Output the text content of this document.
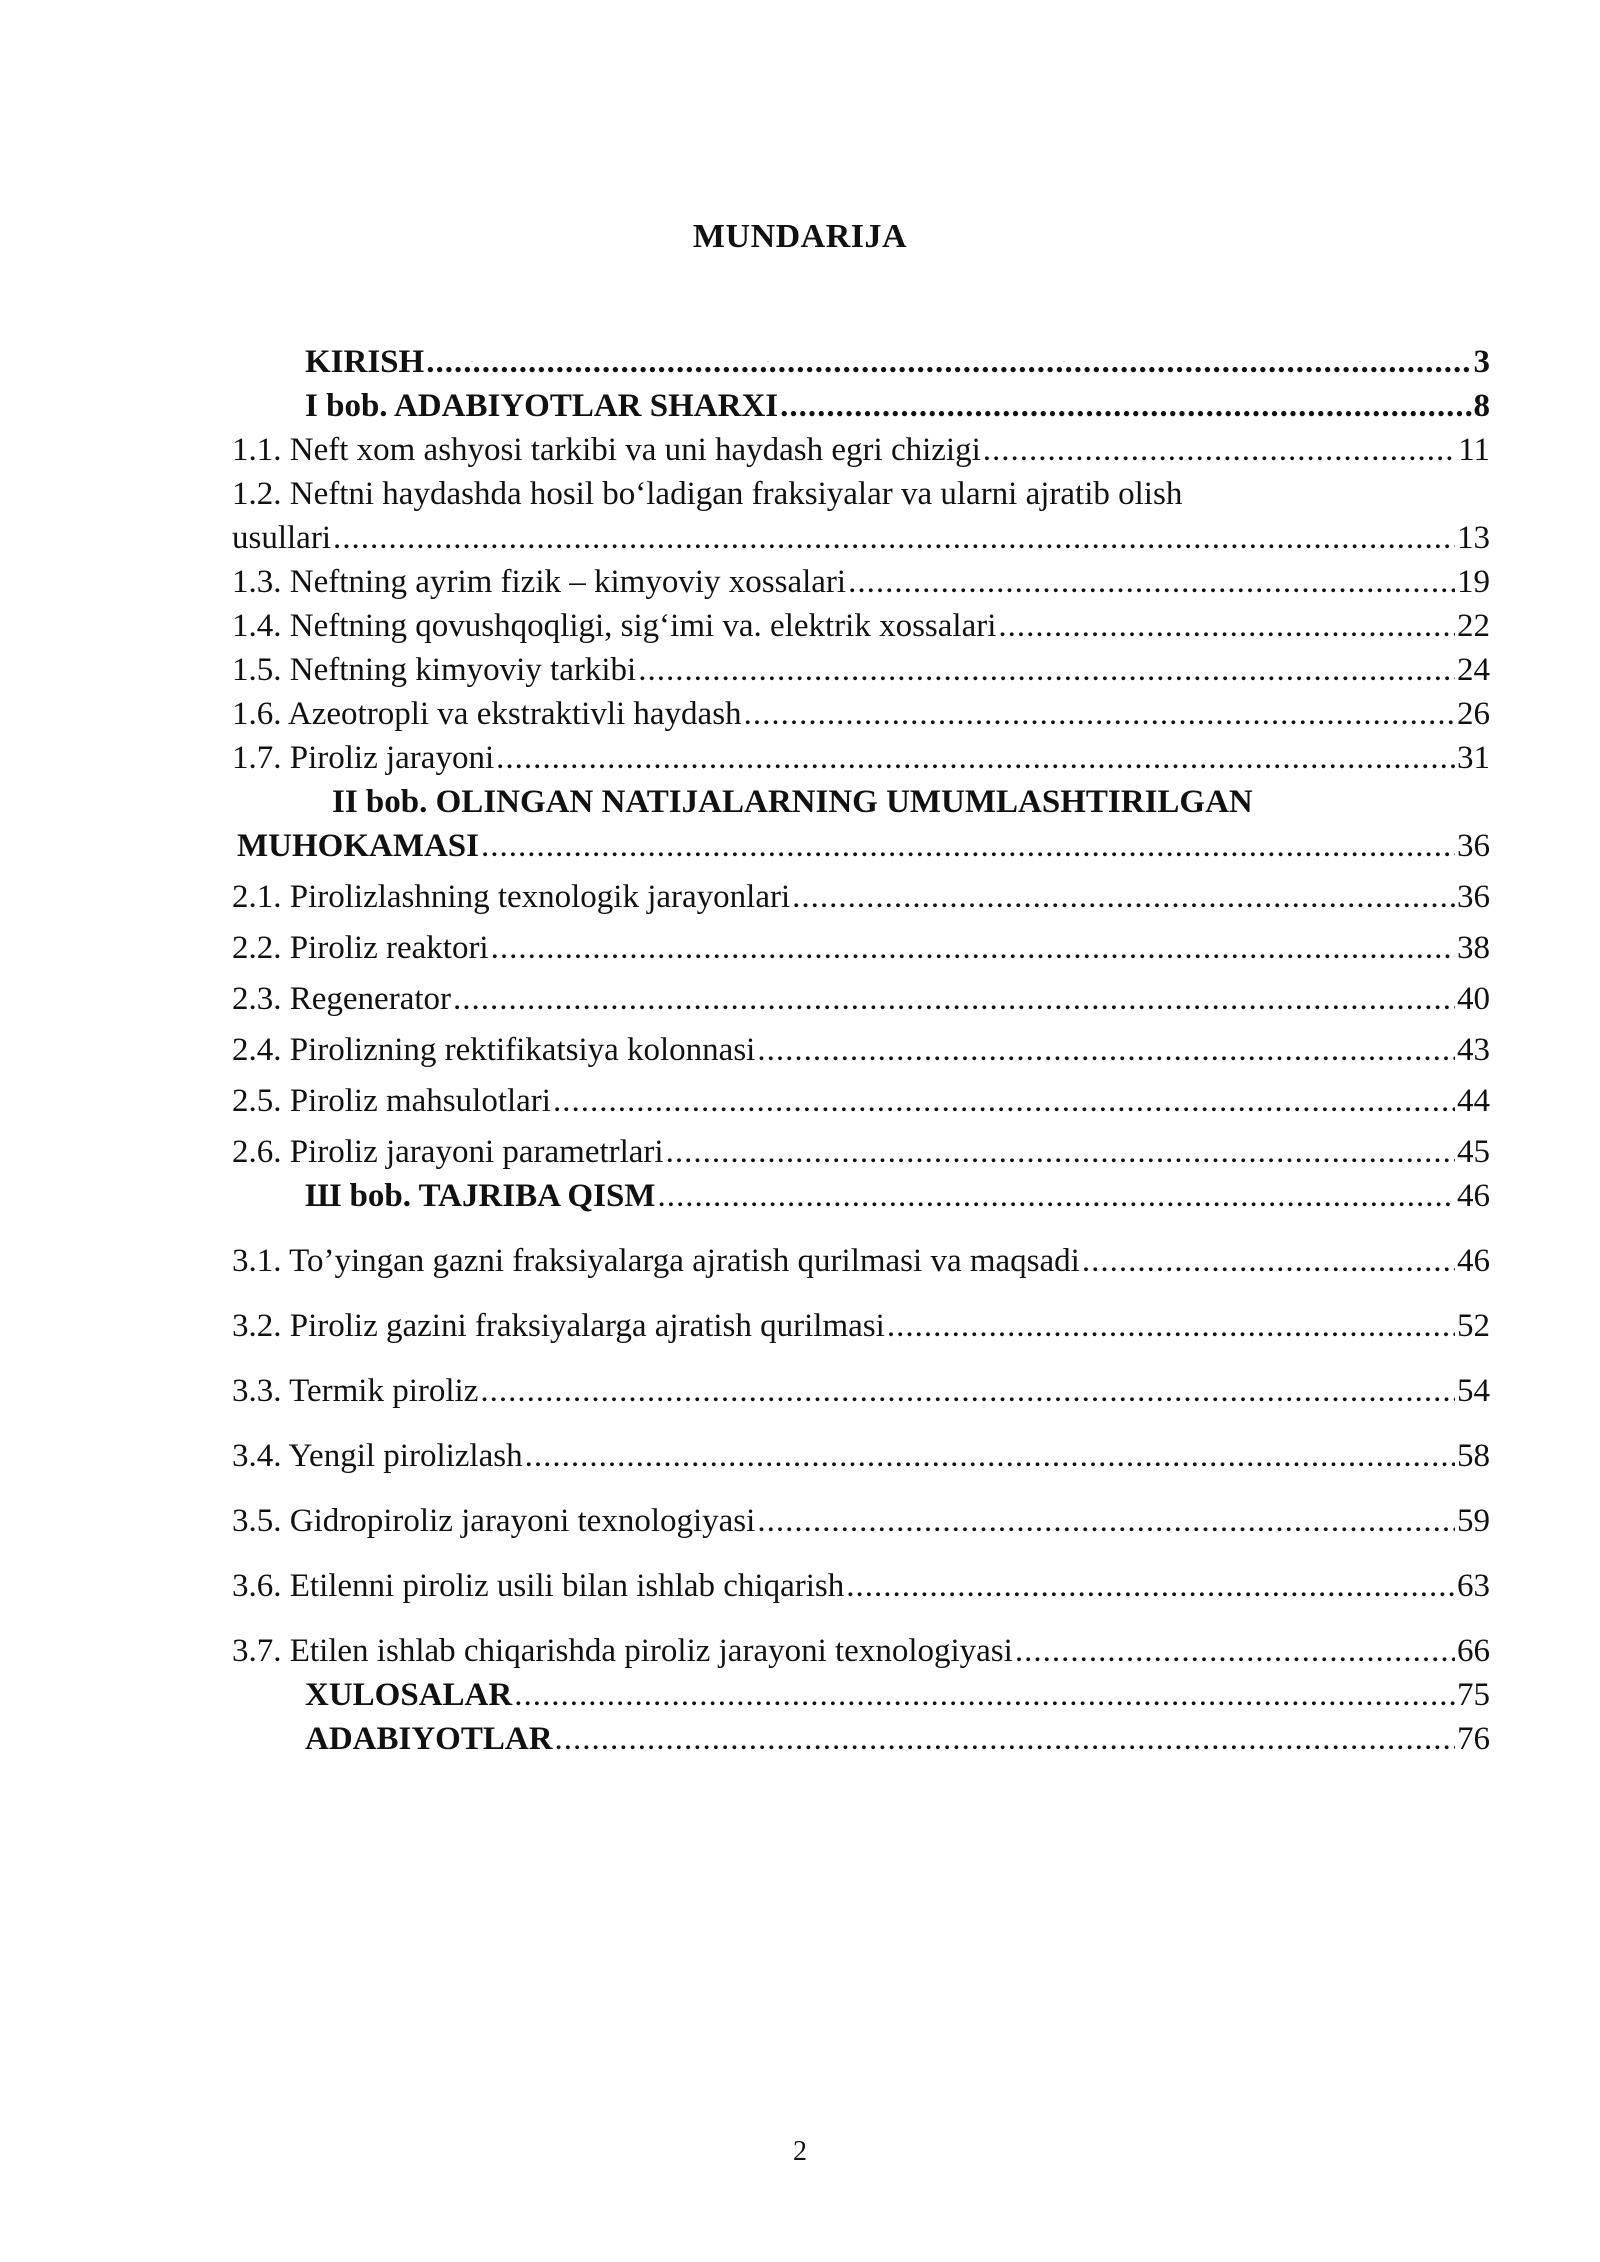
MUNDARIJA
KIRISH .....	3
I bob. ADABIYOTLAR SHARXI .....	8
1.1. Neft xom ashyosi tarkibi va uni haydash egri chizigi .....	11
1.2. Neftni haydashda hosil bo‘ladigan fraksiyalar va ularni ajratib olish
usullari .....	13
1.3. Neftning ayrim fizik – kimyoviy xossalari .....	19
1.4. Neftning qovushqoqligi, sig‘imi va. elektrik xossalari .....	22
1.5. Neftning kimyoviy tarkibi .....	24
1.6. Azeotropli va ekstraktivli haydash .....	26
1.7. Piroliz jarayoni .....	31
II bob. OLINGAN NATIJALARNING UMUMLASHTIRILGAN
MUHOKAMASI .....	36
2.1. Pirolizlashning texnologik jarayonlari .....	36
2.2. Piroliz reaktori .....	38
2.3. Regenerator .....	40
2.4. Pirolizning rektifikatsiya kolonnasi .....	43
2.5. Piroliz mahsulotlari .....	44
2.6. Piroliz jarayoni parametrlari .....	45
Ш bob. TAJRIBA QISM .....	46
3.1. To’yingan gazni fraksiyalarga ajratish qurilmasi va maqsadi .....	46
3.2. Piroliz gazini fraksiyalarga ajratish qurilmasi .....	52
3.3. Termik piroliz .....	54
3.4. Yengil pirolizlash .....	58
3.5. Gidropiroliz jarayoni texnologiyasi .....	59
3.6. Etilenni piroliz usili bilan ishlab chiqarish .....	63
3.7. Etilen ishlab chiqarishda piroliz jarayoni texnologiyasi .....	66
XULOSALAR .....	75
ADABIYOTLAR .....	76
2
